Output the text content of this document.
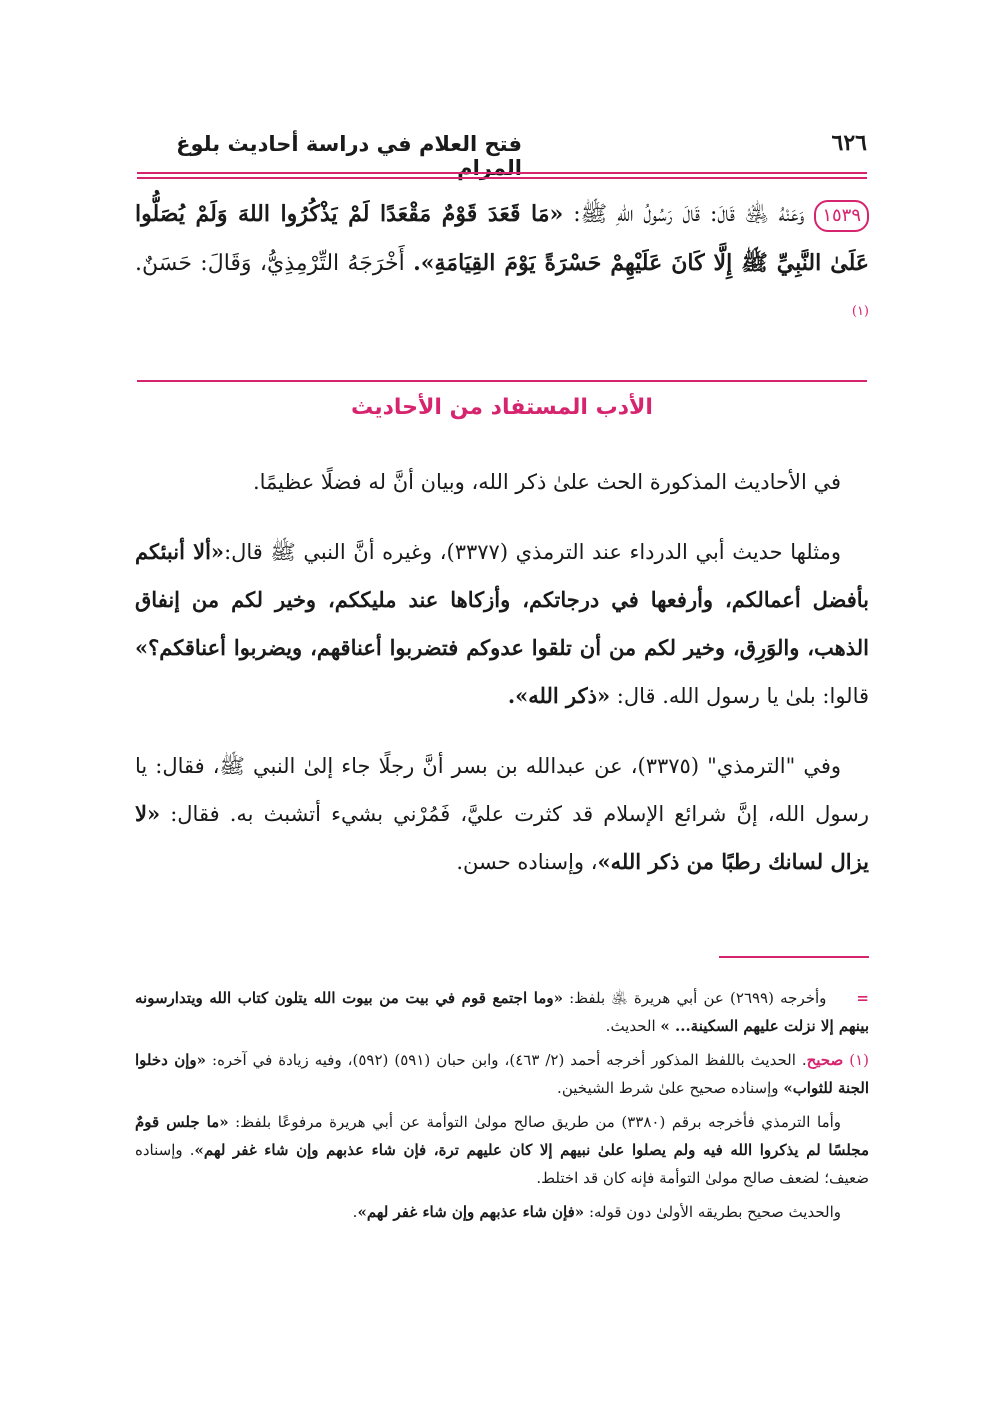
٦٢٦
فتح العلام في دراسة أحاديث بلوغ المرام
١٥٣٩وَعَنْهُ ﵁ قَالَ: قَالَ رَسُولُ اللهِ ﷺ: «مَا قَعَدَ قَوْمٌ مَقْعَدًا لَمْ يَذْكُرُوا اللهَ وَلَمْ يُصَلُّوا عَلَىٰ النَّبِيِّ ﷺ إِلَّا كَانَ عَلَيْهِمْ حَسْرَةً يَوْمَ القِيَامَةِ». أَخْرَجَهُ التِّرْمِذِيُّ، وَقَالَ: حَسَنٌ.$^{(١)}$
الأدب المستفاد من الأحاديث

في الأحاديث المذكورة الحث علىٰ ذكر الله، وبيان أنَّ له فضلًا عظيمًا.

ومثلها حديث أبي الدرداء عند الترمذي (٣٣٧٧)، وغيره أنَّ النبي ﷺ قال:«ألا أنبئكم بأفضل أعمالكم، وأرفعها في درجاتكم، وأزكاها عند مليككم، وخير لكم من إنفاق الذهب، والوَرِق، وخير لكم من أن تلقوا عدوكم فتضربوا أعناقهم، ويضربوا أعناقكم؟» قالوا: بلىٰ يا رسول الله. قال: «ذكر الله».

وفي "الترمذي" (٣٣٧٥)، عن عبدالله بن بسر أنَّ رجلًا جاء إلىٰ النبي ﷺ، فقال: يا رسول الله، إنَّ شرائع الإسلام قد كثرت عليَّ، فَمُرْني بشيء أتشبث به. فقال: «لا يزال لسانك رطبًا من ذكر الله»، وإسناده حسن.

=وأخرجه (٢٦٩٩) عن أبي هريرة ﵁ بلفظ: «وما اجتمع قوم في بيت من بيوت الله يتلون كتاب الله ويتدارسونه بينهم إلا نزلت عليهم السكينة... » الحديث.

(١) صحيح. الحديث باللفظ المذكور أخرجه أحمد (٢/ ٤٦٣)، وابن حبان (٥٩١) (٥٩٢)، وفيه زيادة في آخره: «وإن دخلوا الجنة للثواب» وإسناده صحيح علىٰ شرط الشيخين.

وأما الترمذي فأخرجه برقم (٣٣٨٠) من طريق صالح مولىٰ التوأمة عن أبي هريرة مرفوعًا بلفظ: «ما جلس قومٌ مجلسًا لم يذكروا الله فيه ولم يصلوا علىٰ نبيهم إلا كان عليهم ترة، فإن شاء عذبهم وإن شاء غفر لهم». وإسناده ضعيف؛ لضعف صالح مولىٰ التوأمة فإنه كان قد اختلط.

والحديث صحيح بطريقه الأولىٰ دون قوله: «فإن شاء عذبهم وإن شاء غفر لهم».
